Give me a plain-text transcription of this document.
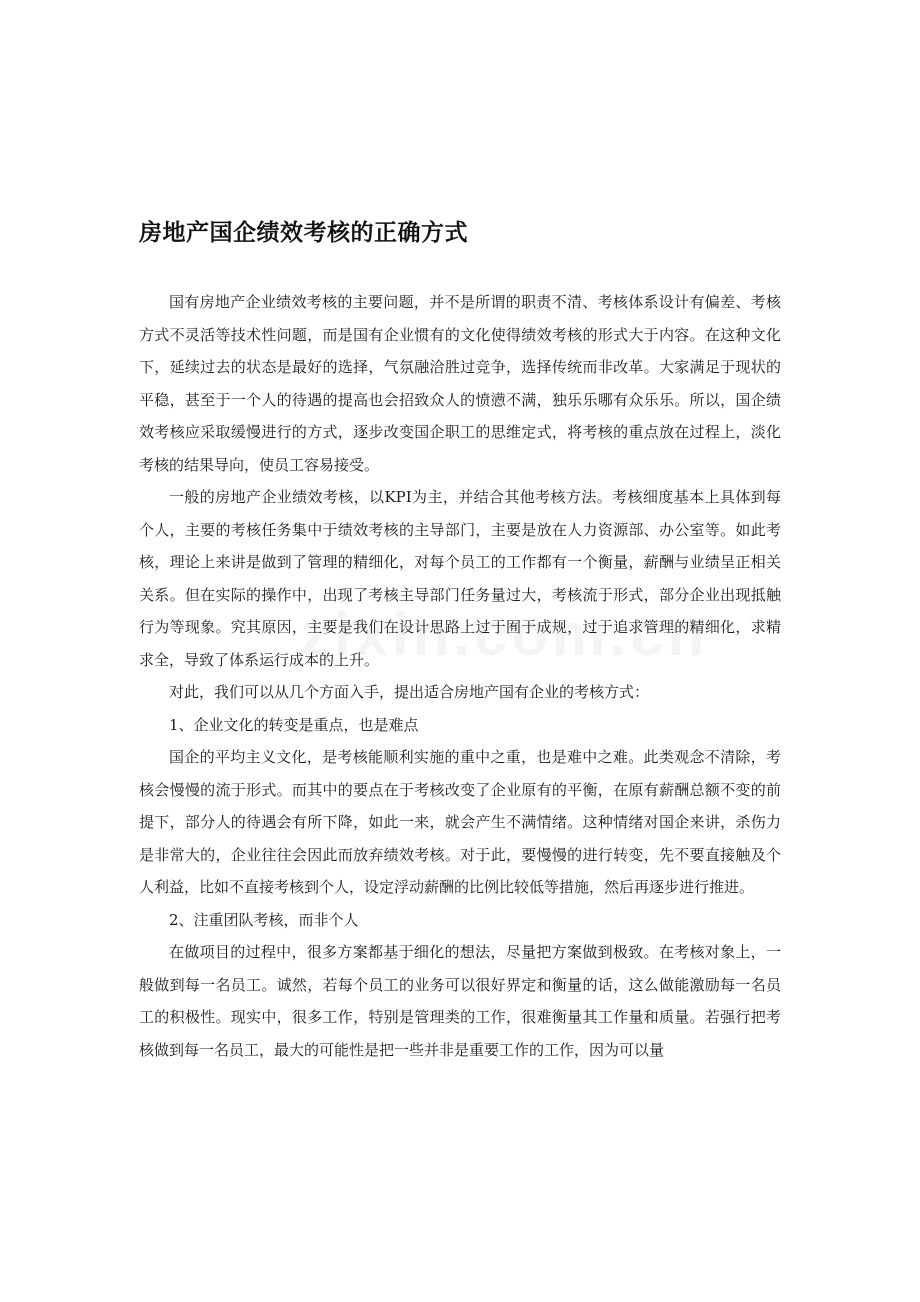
房地产国企绩效考核的正确方式

国有房地产企业绩效考核的主要问题，并不是所谓的职责不清、考核体系设计有偏差、考核方式不灵活等技术性问题，而是国有企业惯有的文化使得绩效考核的形式大于内容。在这种文化下，延续过去的状态是最好的选择，气氛融洽胜过竞争，选择传统而非改革。大家满足于现状的平稳，甚至于一个人的待遇的提高也会招致众人的愤懑不满，独乐乐哪有众乐乐。所以，国企绩效考核应采取缓慢进行的方式，逐步改变国企职工的思维定式，将考核的重点放在过程上，淡化考核的结果导向，使员工容易接受。

一般的房地产企业绩效考核，以KPI为主，并结合其他考核方法。考核细度基本上具体到每个人，主要的考核任务集中于绩效考核的主导部门，主要是放在人力资源部、办公室等。如此考核，理论上来讲是做到了管理的精细化，对每个员工的工作都有一个衡量，薪酬与业绩呈正相关关系。但在实际的操作中，出现了考核主导部门任务量过大，考核流于形式，部分企业出现抵触行为等现象。究其原因，主要是我们在设计思路上过于囿于成规，过于追求管理的精细化，求精求全，导致了体系运行成本的上升。

对此，我们可以从几个方面入手，提出适合房地产国有企业的考核方式：

1、企业文化的转变是重点，也是难点

国企的平均主义文化，是考核能顺利实施的重中之重，也是难中之难。此类观念不清除，考核会慢慢的流于形式。而其中的要点在于考核改变了企业原有的平衡，在原有薪酬总额不变的前提下，部分人的待遇会有所下降，如此一来，就会产生不满情绪。这种情绪对国企来讲，杀伤力是非常大的，企业往往会因此而放弃绩效考核。对于此，要慢慢的进行转变，先不要直接触及个人利益，比如不直接考核到个人，设定浮动薪酬的比例比较低等措施，然后再逐步进行推进。

2、注重团队考核，而非个人

在做项目的过程中，很多方案都基于细化的想法，尽量把方案做到极致。在考核对象上，一般做到每一名员工。诚然，若每个员工的业务可以很好界定和衡量的话，这么做能激励每一名员工的积极性。现实中，很多工作，特别是管理类的工作，很难衡量其工作量和质量。若强行把考核做到每一名员工，最大的可能性是把一些并非是重要工作的工作，因为可以量
